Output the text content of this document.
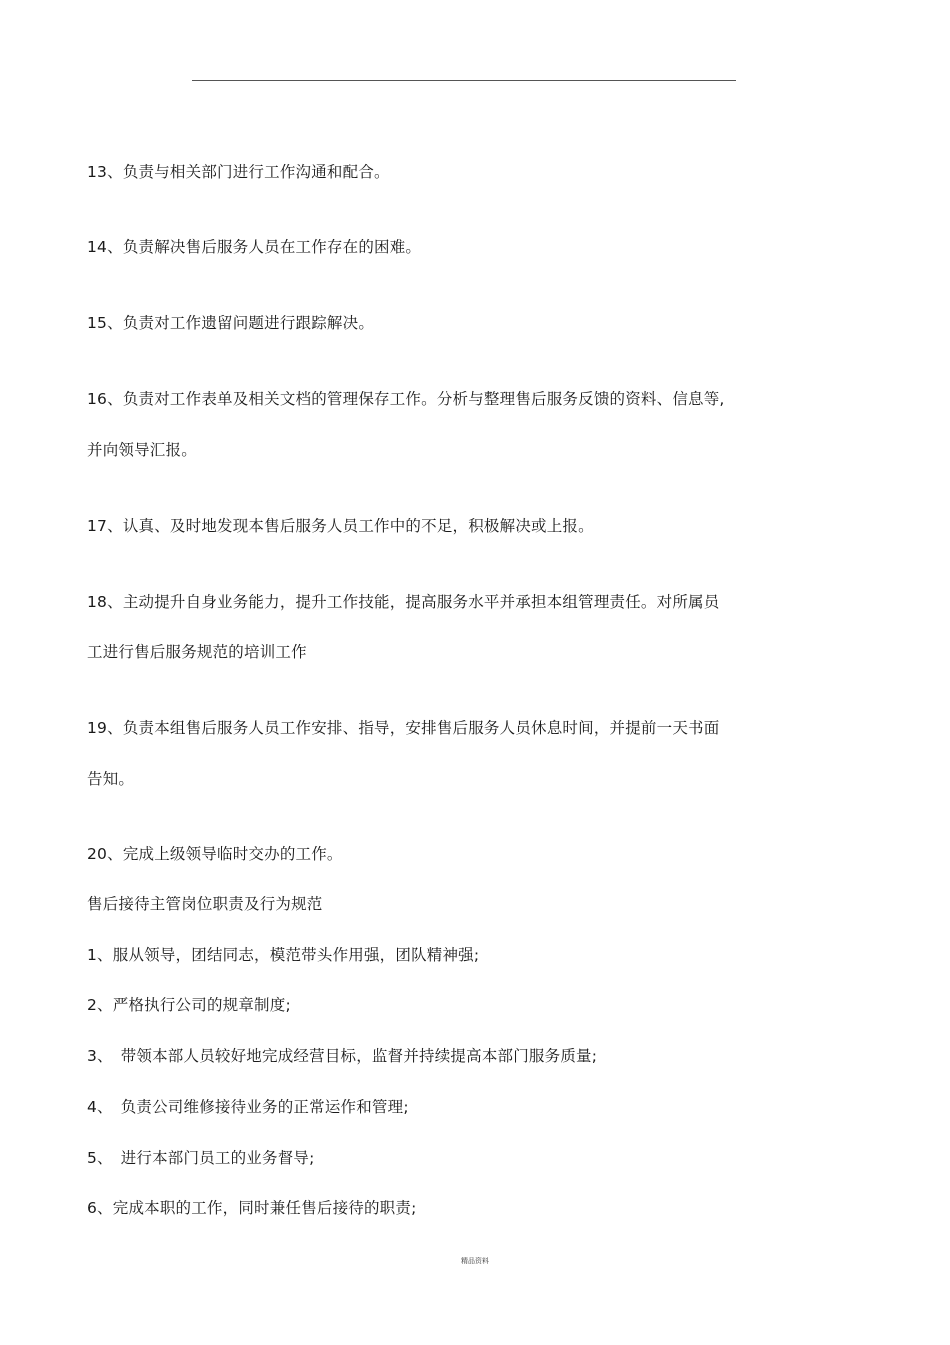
13、负责与相关部门进行工作沟通和配合。
14、负责解决售后服务人员在工作存在的困难。
15、负责对工作遗留问题进行跟踪解决。
16、负责对工作表单及相关文档的管理保存工作。分析与整理售后服务反馈的资料、信息等,
并向领导汇报。
17、认真、及时地发现本售后服务人员工作中的不足，积极解决或上报。
18、主动提升自身业务能力，提升工作技能，提高服务水平并承担本组管理责任。对所属员
工进行售后服务规范的培训工作
19、负责本组售后服务人员工作安排、指导，安排售后服务人员休息时间，并提前一天书面
告知。
20、完成上级领导临时交办的工作。
售后接待主管岗位职责及行为规范
1、服从领导，团结同志，模范带头作用强，团队精神强;
2、严格执行公司的规章制度;
3、　带领本部人员较好地完成经营目标，监督并持续提高本部门服务质量;
4、　负责公司维修接待业务的正常运作和管理;
5、　进行本部门员工的业务督导;
6、完成本职的工作，同时兼任售后接待的职责;
精品资料
